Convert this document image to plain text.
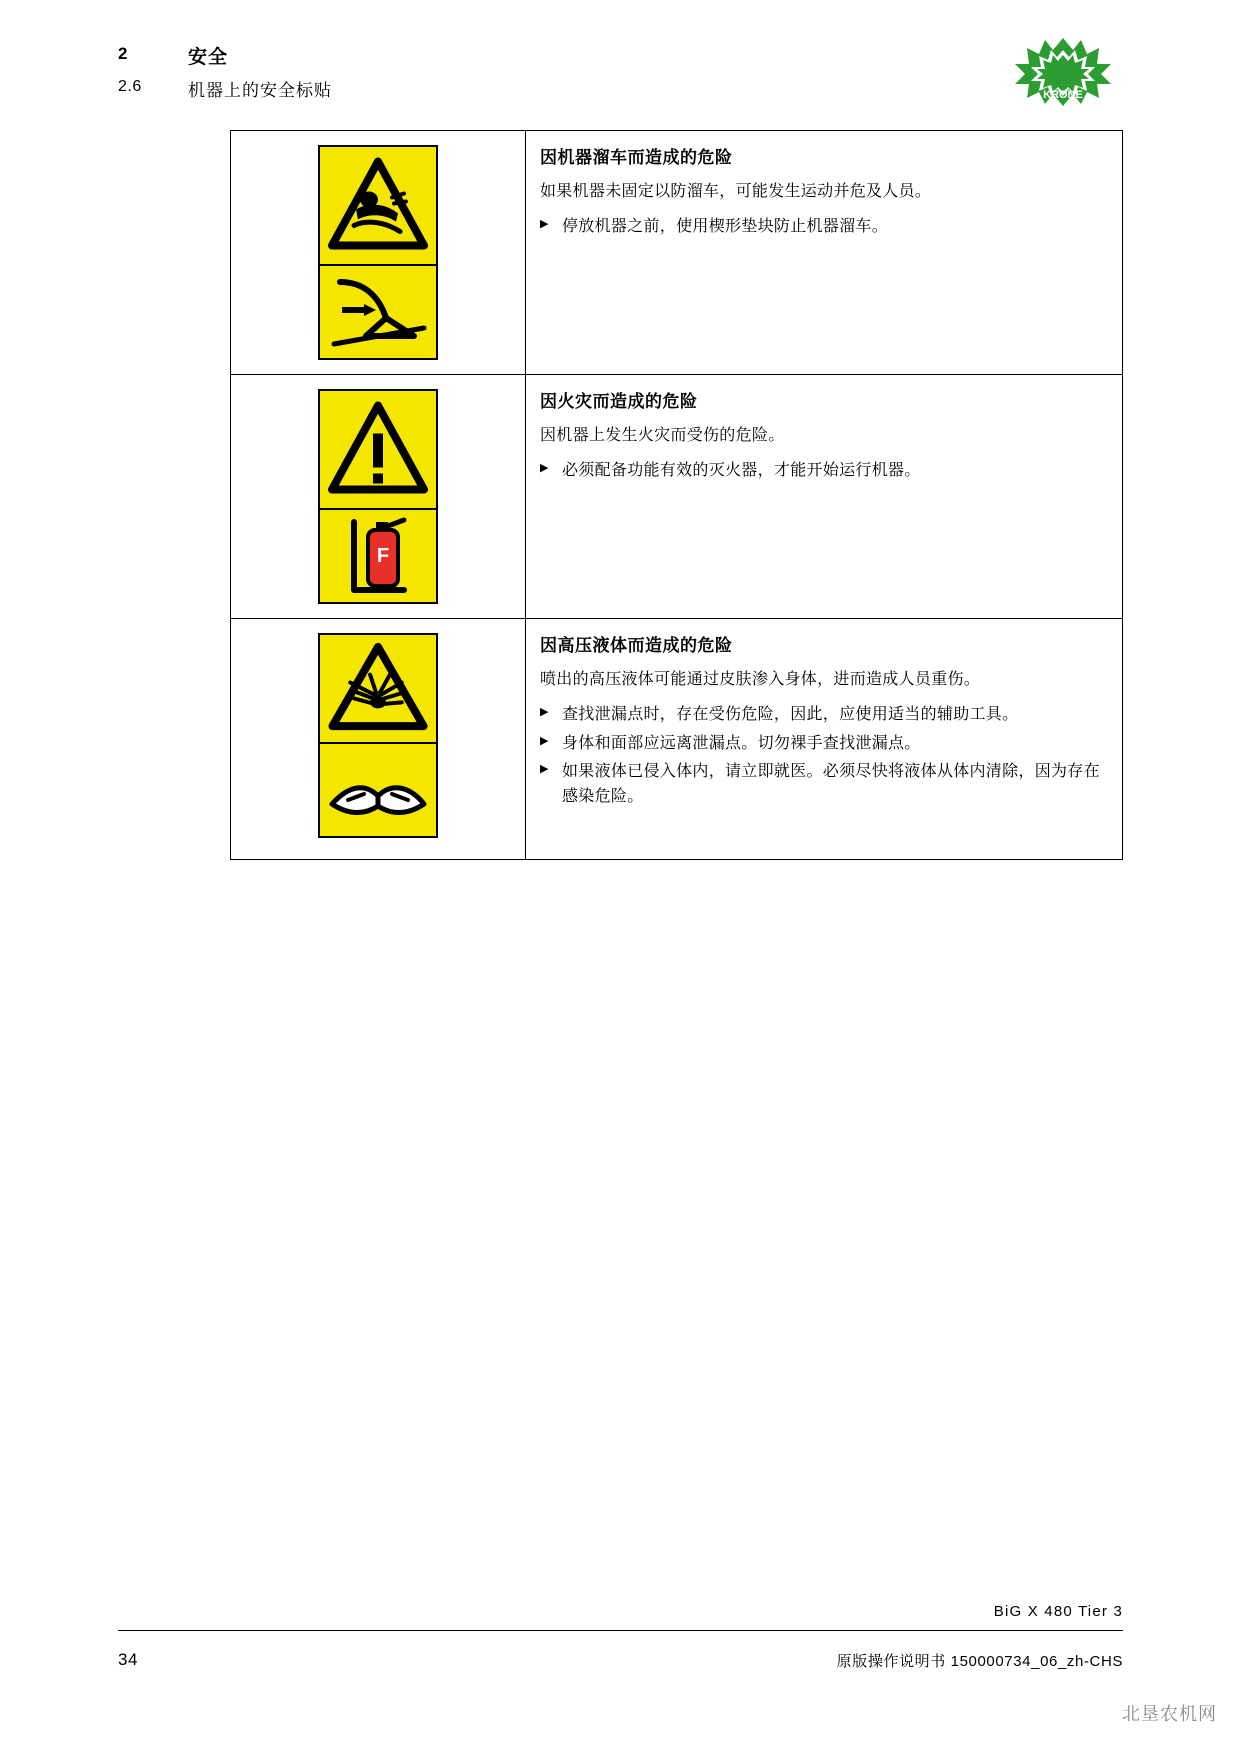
2	安全
2.6	机器上的安全标贴	KRONE
因机器溜车而造成的危险

如果机器未固定以防溜车，可能发生运动并危及人员。

▶ 停放机器之前，使用楔形垫块防止机器溜车。
F
因火灾而造成的危险

因机器上发生火灾而受伤的危险。

▶ 必须配备功能有效的灭火器，才能开始运行机器。
因高压液体而造成的危险

喷出的高压液体可能通过皮肤渗入身体，进而造成人员重伤。

▶ 查找泄漏点时，存在受伤危险，因此，应使用适当的辅助工具。
▶ 身体和面部应远离泄漏点。切勿裸手查找泄漏点。
▶ 如果液体已侵入体内，请立即就医。必须尽快将液体从体内清除，因为存在感染危险。
BiG X 480 Tier 3
34	原版操作说明书 150000734_06_zh-CHS
北垦农机网
